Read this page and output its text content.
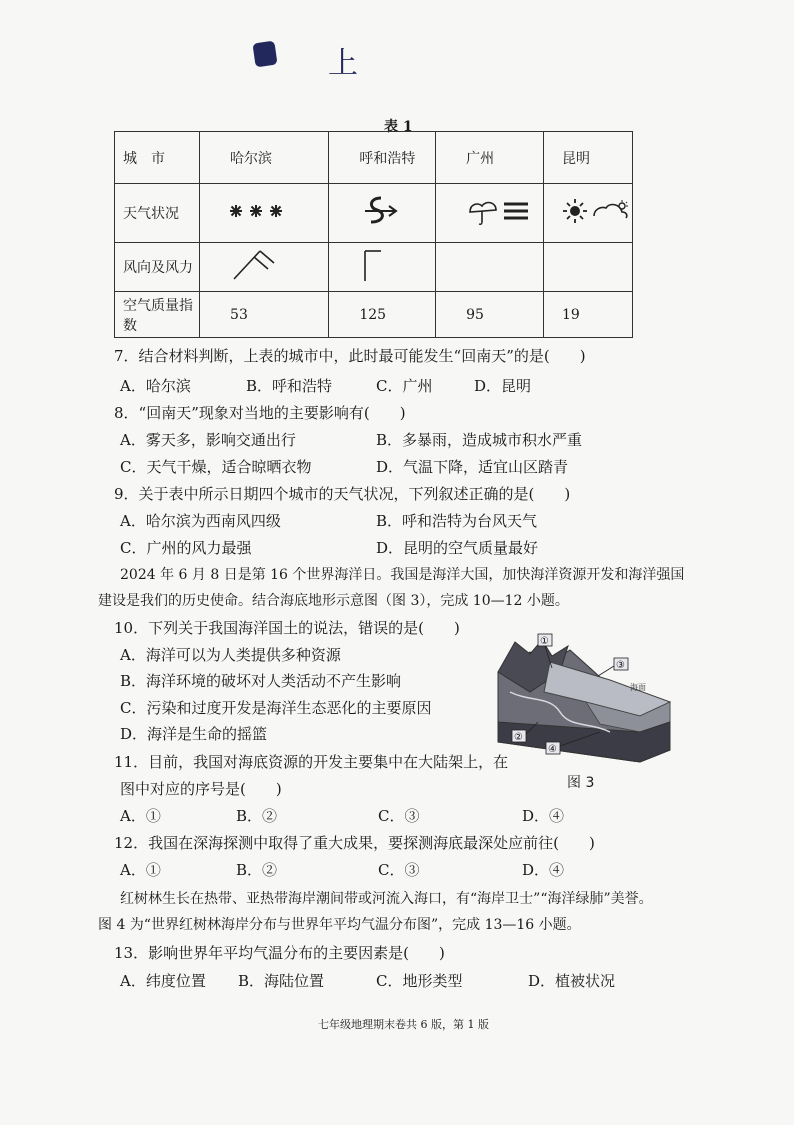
上
表 1
城　市	哈尔滨	呼和浩特	广州	昆明
天气状况				
风向及风力				
空气质量指数	53	125	95	19
7．结合材料判断，上表的城市中，此时最可能发生“回南天”的是(　　)
A．哈尔滨	B．呼和浩特	C．广州	D．昆明
8．“回南天”现象对当地的主要影响有(　　)
A．雾天多，影响交通出行	B．多暴雨，造成城市积水严重
C．天气干燥，适合晾晒衣物	D．气温下降，适宜山区踏青
9．关于表中所示日期四个城市的天气状况，下列叙述正确的是(　　)
A．哈尔滨为西南风四级	B．呼和浩特为台风天气
C．广州的风力最强	D．昆明的空气质量最好
2024 年 6 月 8 日是第 16 个世界海洋日。我国是海洋大国，加快海洋资源开发和海洋强国
建设是我们的历史使命。结合海底地形示意图（图 3），完成 10—12 小题。
10．下列关于我国海洋国土的说法，错误的是(　　)
A．海洋可以为人类提供多种资源
B．海洋环境的破坏对人类活动不产生影响
C．污染和过度开发是海洋生态恶化的主要原因
D．海洋是生命的摇篮
①
②
③
④
海面
图 3
11．目前，我国对海底资源的开发主要集中在大陆架上，在
图中对应的序号是(　　)
A．①	B．②	C．③	D．④
12．我国在深海探测中取得了重大成果，要探测海底最深处应前往(　　)
A．①	B．②	C．③	D．④
红树林生长在热带、亚热带海岸潮间带或河流入海口，有“海岸卫士”“海洋绿肺”美誉。
图 4 为“世界红树林海岸分布与世界年平均气温分布图”，完成 13—16 小题。
13．影响世界年平均气温分布的主要因素是(　　)
A．纬度位置 B．海陆位置	C．地形类型	D．植被状况
七年级地理期末卷共 6 版，第 1 版
